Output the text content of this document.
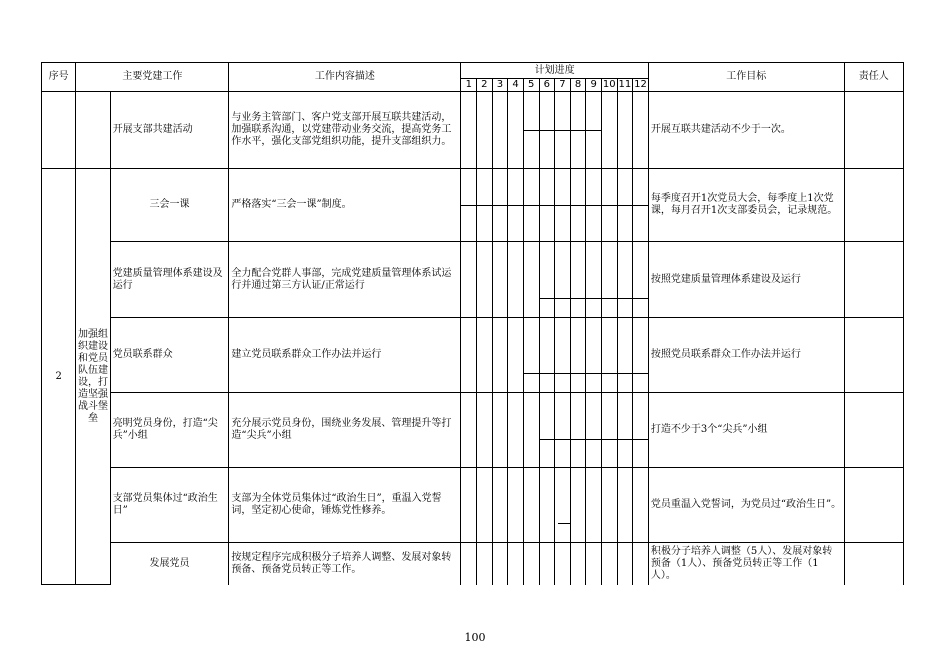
序号	主要党建工作		工作内容描述	计划进度												工作目标	责任人
				1	2	3	4	5	6	7	8	9	10	11	12		
		开展支部共建活动	与业务主管部门、客户党支部开展互联共建活动，加强联系沟通，以党建带动业务交流，提高党务工作水平，强化支部党组织功能，提升支部组织力。													开展互联共建活动不少于一次。	
2	加强组织建设和党员队伍建设，打造坚强战斗堡垒	三会一课	严格落实“三会一课”制度。													每季度召开1次党员大会，每季度上1次党课，每月召开1次支部委员会，记录规范。	
		党建质量管理体系建设及运行	全力配合党群人事部，完成党建质量管理体系试运行并通过第三方认证/正常运行													按照党建质量管理体系建设及运行	
		党员联系群众	建立党员联系群众工作办法并运行													按照党员联系群众工作办法并运行	
		亮明党员身份，打造“尖兵”小组	充分展示党员身份，围绕业务发展、管理提升等打造“尖兵”小组													打造不少于3个“尖兵”小组	
		支部党员集体过“政治生日”	支部为全体党员集体过“政治生日”，重温入党誓词，坚定初心使命，锤炼党性修养。													党员重温入党誓词，为党员过“政治生日”。	
		发展党员	按规定程序完成积极分子培养人调整、发展对象转预备、预备党员转正等工作。													积极分子培养人调整（5人）、发展对象转预备（1人）、预备党员转正等工作（1人）。	
100
